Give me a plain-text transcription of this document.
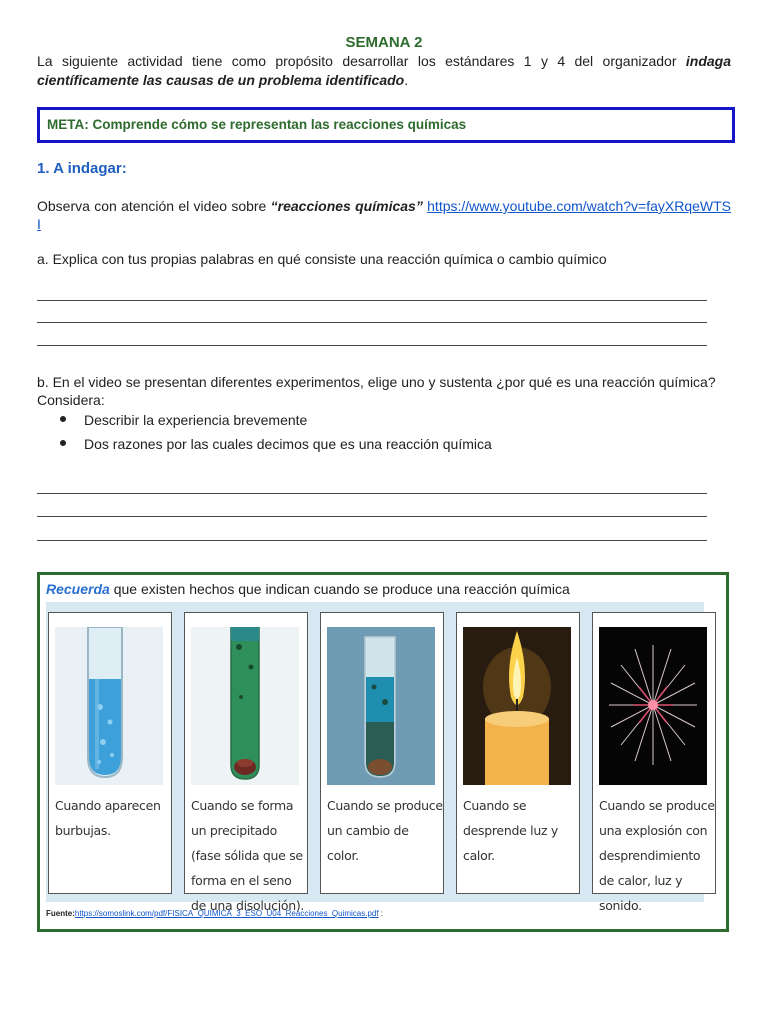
SEMANA 2
La siguiente actividad tiene como propósito desarrollar los estándares 1 y 4 del organizador indaga científicamente las causas de un problema identificado.
META: Comprende cómo se representan las reacciones químicas
1. A indagar:
Observa con atención el video sobre “reacciones químicas” https://www.youtube.com/watch?v=fayXRqeWTSI
a. Explica con tus propias palabras en qué consiste una reacción química o cambio químico
b. En el video se presentan diferentes experimentos, elige uno y sustenta ¿por qué es una reacción química? Considera:
Describir la experiencia brevemente
Dos razones por las cuales decimos que es una reacción química
Recuerda que existen hechos que indican cuando se produce una reacción química
Cuando aparecen burbujas.
Cuando se forma un precipitado (fase sólida que se forma en el seno de una disolución).
Cuando se produce un cambio de color.
Cuando se desprende luz y calor.
Cuando se produce una explosión con desprendimiento de calor, luz y sonido.
Fuente:https://somoslink.com/pdf/FISICA_QUIMICA_3_ESO_U04_Reacciones_Quimicas.pdf :
